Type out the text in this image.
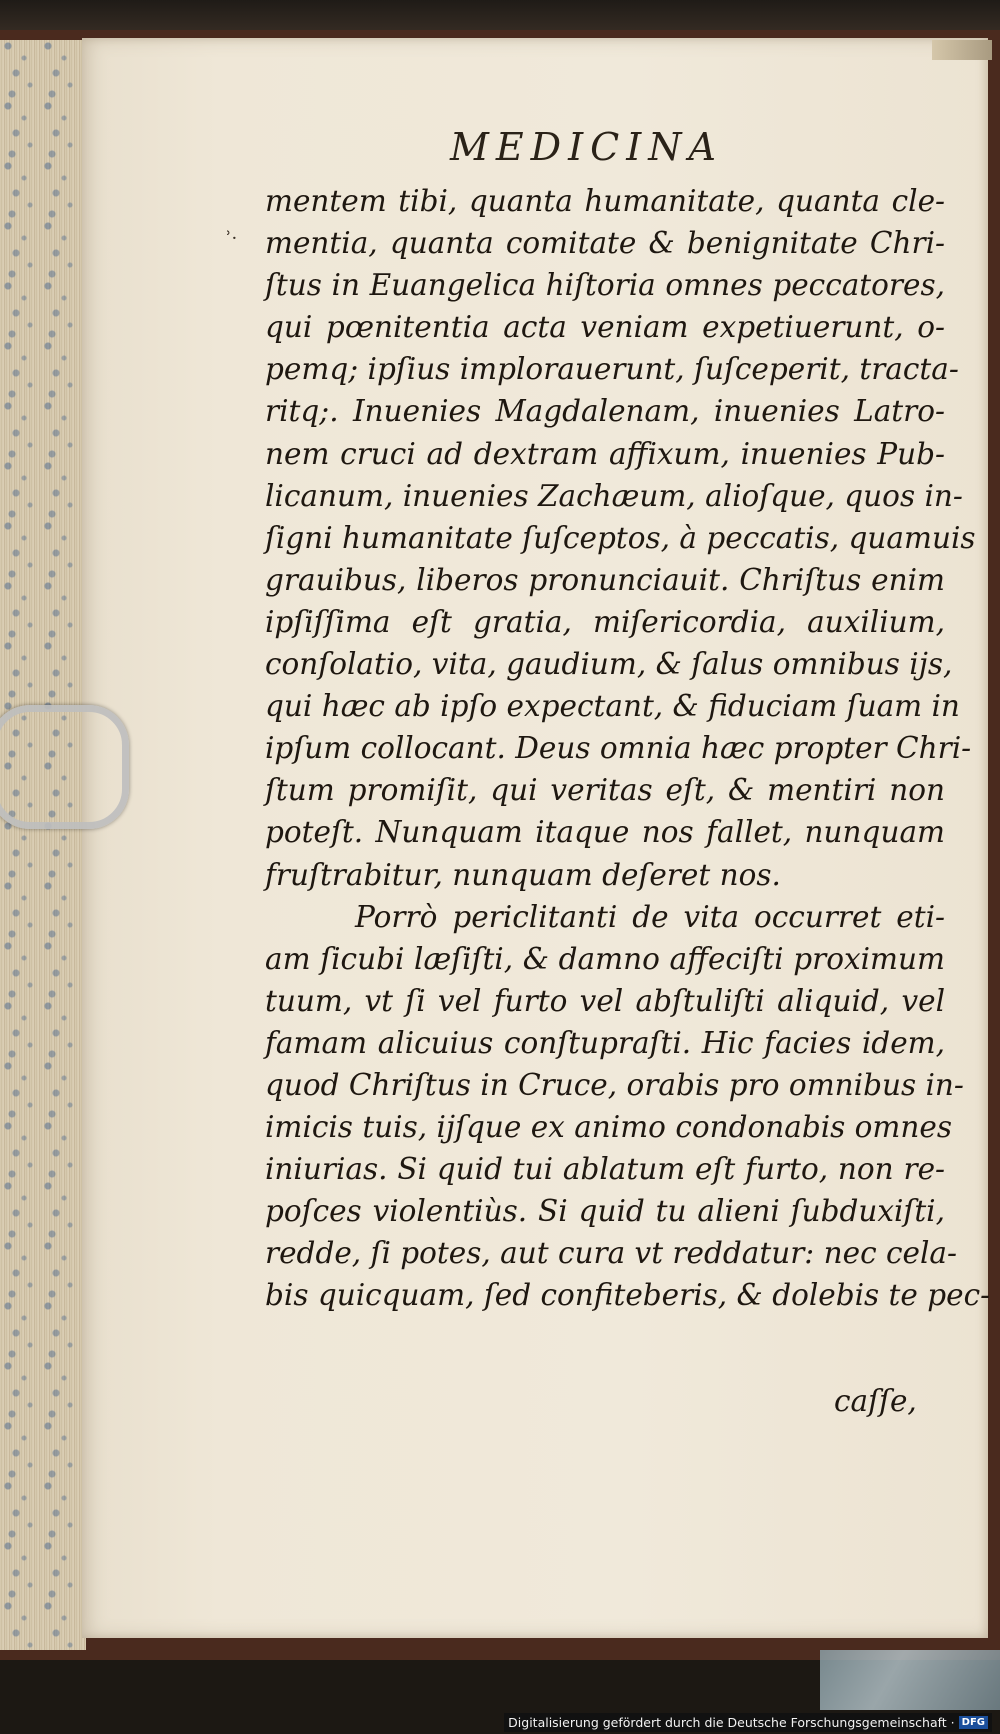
MEDICINA
ʾ·
mentem tibi, quanta humanitate, quanta cle-
mentia, quanta comitate & benignitate Chri-
ſtus in Euangelica hiſtoria omnes peccatores,
qui pœnitentia acta veniam expetiuerunt, o-
pemq; ipſius implorauerunt, ſuſceperit, tracta-
ritq;. Inuenies Magdalenam, inuenies Latro-
nem cruci ad dextram affixum, inuenies Pub-
licanum, inuenies Zachæum, alioſque, quos in-
ſigni humanitate ſuſceptos, à peccatis, quamuis
grauibus, liberos pronunciauit. Chriſtus enim
ipſiſſima eſt gratia, miſericordia, auxilium,
conſolatio, vita, gaudium, & ſalus omnibus ijs,
qui hæc ab ipſo expectant, & fiduciam ſuam in
ipſum collocant. Deus omnia hæc propter Chri-
ſtum promiſit, qui veritas eſt, & mentiri non
poteſt. Nunquam itaque nos fallet, nunquam
fruſtrabitur, nunquam deſeret nos.
Porrò periclitanti de vita occurret eti-
am ſicubi læſiſti, & damno affeciſti proximum
tuum, vt ſi vel furto vel abſtuliſti aliquid, vel
famam alicuius conſtupraſti. Hic facies idem,
quod Chriſtus in Cruce, orabis pro omnibus in-
imicis tuis, ijſque ex animo condonabis omnes
iniurias. Si quid tui ablatum eſt furto, non re-
poſces violentiùs. Si quid tu alieni ſubduxiſti,
redde, ſi potes, aut cura vt reddatur: nec cela-
bis quicquam, ſed confiteberis, & dolebis te pec-
caſſe,
Digitalisierung gefördert durch die Deutsche Forschungsgemeinschaft · DFG
